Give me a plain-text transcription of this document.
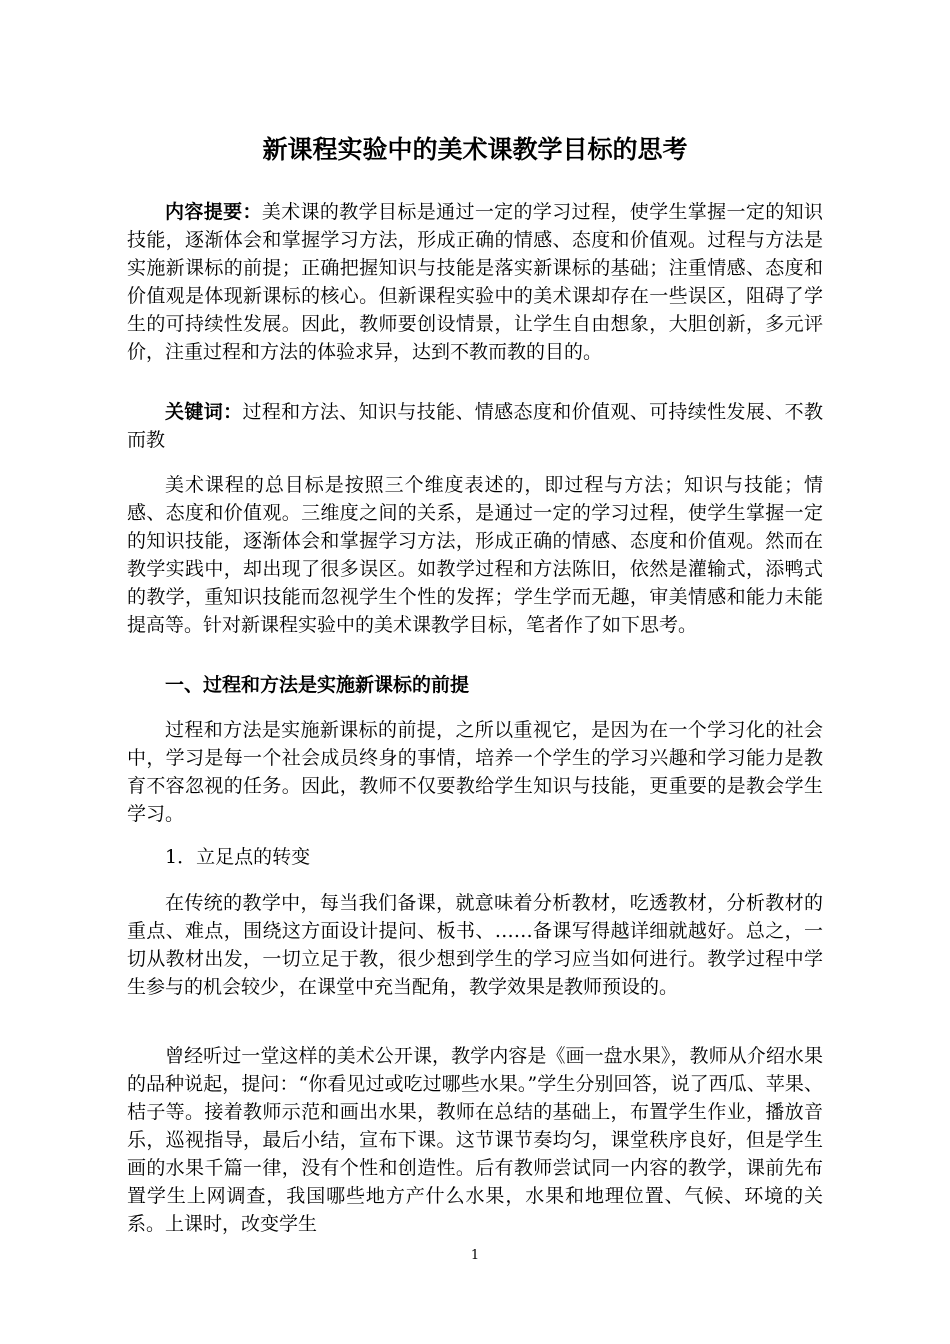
新课程实验中的美术课教学目标的思考

内容提要：美术课的教学目标是通过一定的学习过程，使学生掌握一定的知识技能，逐渐体会和掌握学习方法，形成正确的情感、态度和价值观。过程与方法是实施新课标的前提；正确把握知识与技能是落实新课标的基础；注重情感、态度和价值观是体现新课标的核心。但新课程实验中的美术课却存在一些误区，阻碍了学生的可持续性发展。因此，教师要创设情景，让学生自由想象，大胆创新，多元评价，注重过程和方法的体验求异，达到不教而教的目的。

关键词：过程和方法、知识与技能、情感态度和价值观、可持续性发展、不教而教

美术课程的总目标是按照三个维度表述的，即过程与方法；知识与技能；情感、态度和价值观。三维度之间的关系，是通过一定的学习过程，使学生掌握一定的知识技能，逐渐体会和掌握学习方法，形成正确的情感、态度和价值观。然而在教学实践中，却出现了很多误区。如教学过程和方法陈旧，依然是灌输式，添鸭式的教学，重知识技能而忽视学生个性的发挥；学生学而无趣，审美情感和能力未能提高等。针对新课程实验中的美术课教学目标，笔者作了如下思考。

一、过程和方法是实施新课标的前提

过程和方法是实施新课标的前提，之所以重视它，是因为在一个学习化的社会中，学习是每一个社会成员终身的事情，培养一个学生的学习兴趣和学习能力是教育不容忽视的任务。因此，教师不仅要教给学生知识与技能，更重要的是教会学生学习。

1．立足点的转变

在传统的教学中，每当我们备课，就意味着分析教材，吃透教材，分析教材的重点、难点，围绕这方面设计提问、板书、……备课写得越详细就越好。总之，一切从教材出发，一切立足于教，很少想到学生的学习应当如何进行。教学过程中学生参与的机会较少，在课堂中充当配角，教学效果是教师预设的。

曾经听过一堂这样的美术公开课，教学内容是《画一盘水果》，教师从介绍水果的品种说起，提问：“你看见过或吃过哪些水果。”学生分别回答，说了西瓜、苹果、桔子等。接着教师示范和画出水果，教师在总结的基础上，布置学生作业，播放音乐，巡视指导，最后小结，宣布下课。这节课节奏均匀，课堂秩序良好，但是学生画的水果千篇一律，没有个性和创造性。后有教师尝试同一内容的教学，课前先布置学生上网调查，我国哪些地方产什么水果，水果和地理位置、气候、环境的关系。上课时，改变学生

1
